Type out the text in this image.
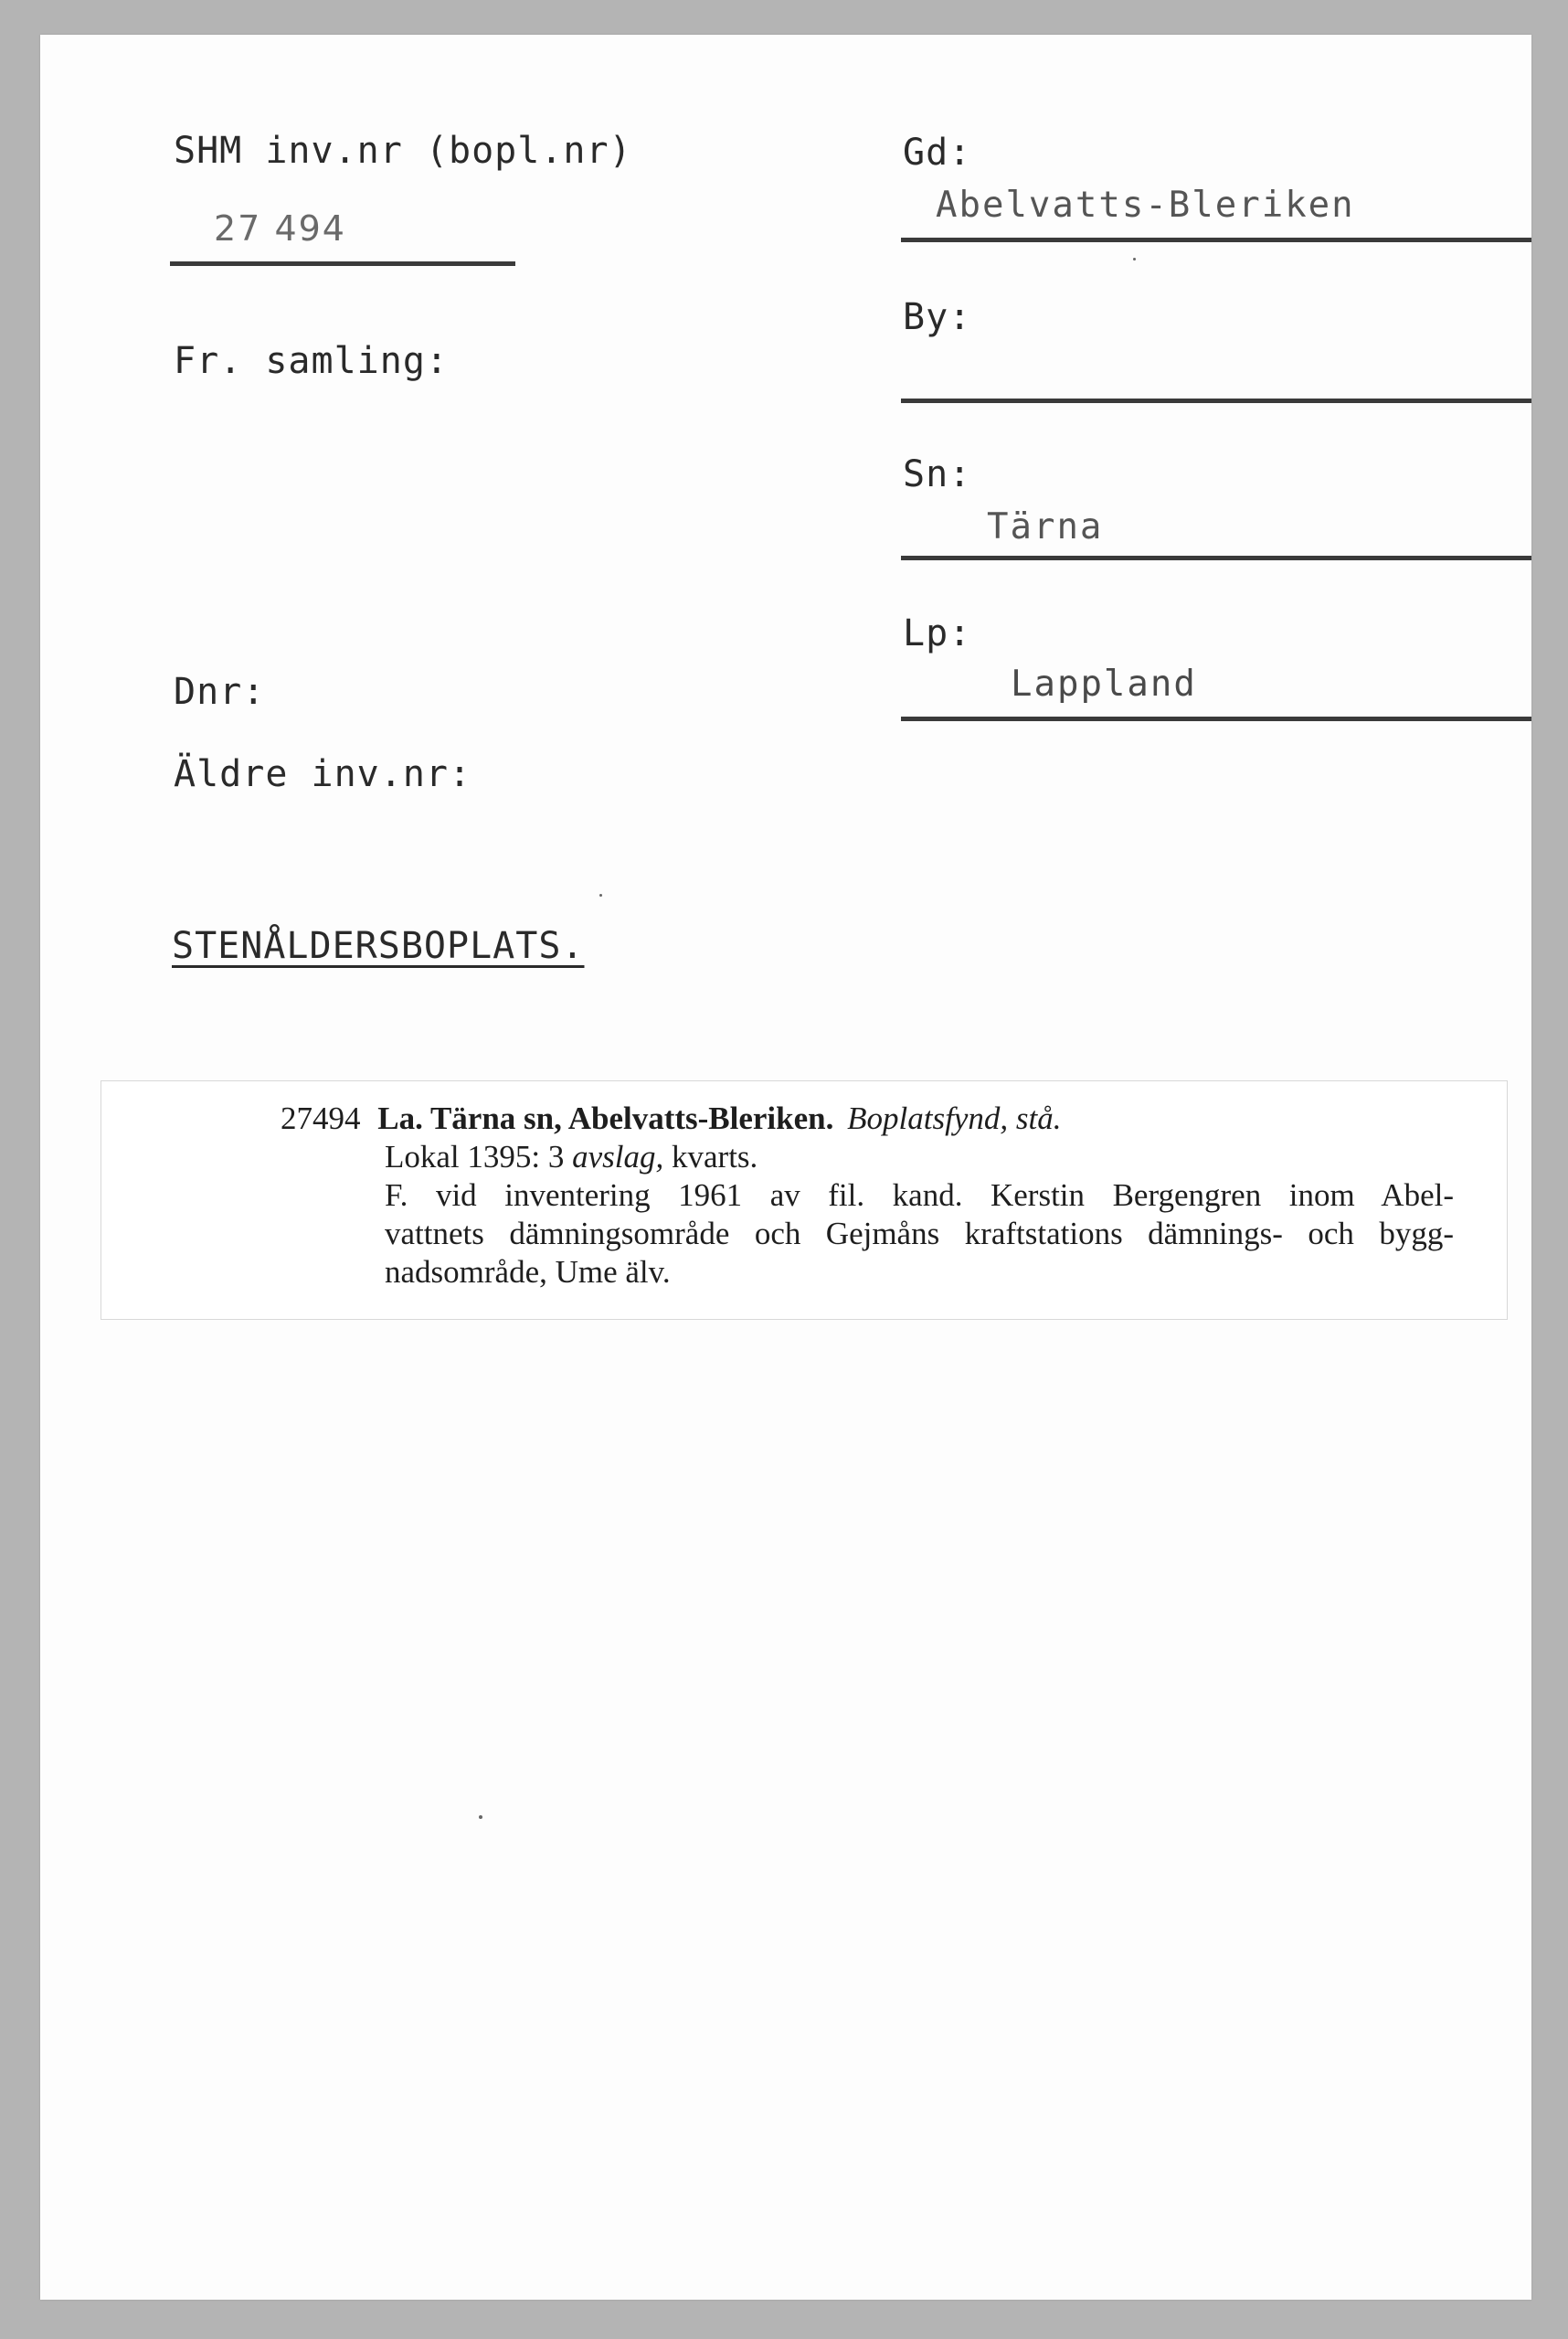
SHM inv.nr (bopl.nr)
27 494
Fr. samling:
Dnr:
Äldre inv.nr:
STENÅLDERSBOPLATS.
Gd:
Abelvatts-Bleriken
By:
Sn:
Tärna
Lp:
Lappland
27494 La. Tärna sn, Abelvatts-Bleriken. Boplatsfynd, stå.
Lokal 1395: 3 avslag, kvarts.
F. vid inventering 1961 av fil. kand. Kerstin Bergengren inom Abel-
vattnets dämningsområde och Gejmåns kraftstations dämnings- och bygg-
nadsområde, Ume älv.
